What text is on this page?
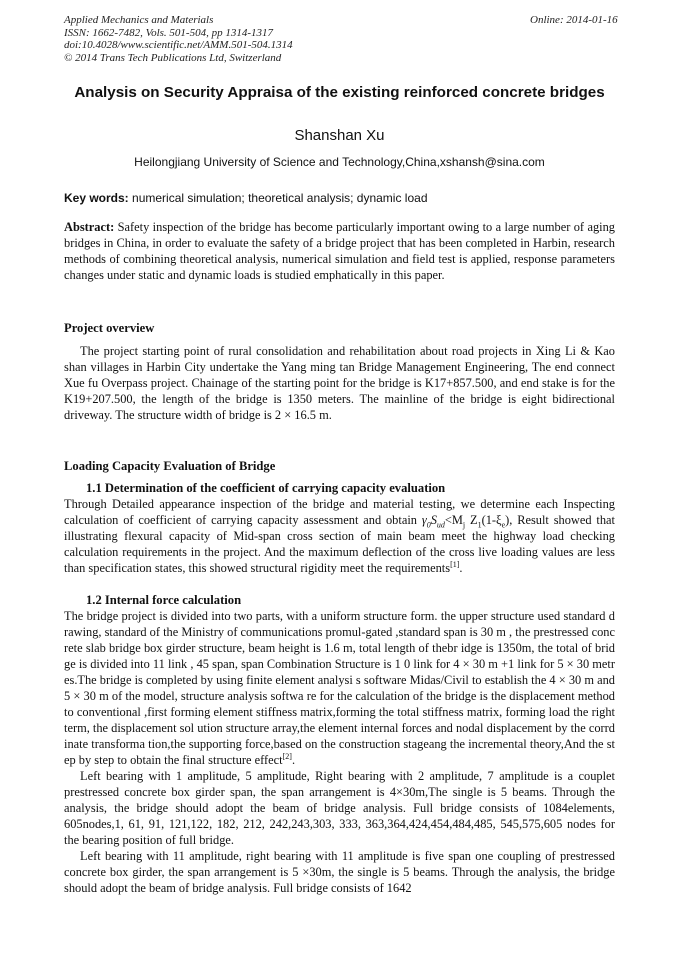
Applied Mechanics and Materials
ISSN: 1662-7482, Vols. 501-504, pp 1314-1317
doi:10.4028/www.scientific.net/AMM.501-504.1314
© 2014 Trans Tech Publications Ltd, Switzerland
Online: 2014-01-16
Analysis on Security Appraisa of the existing reinforced concrete bridges
Shanshan Xu
Heilongjiang University of Science and Technology,China,xshansh@sina.com
Key words: numerical simulation; theoretical analysis; dynamic load

Abstract: Safety inspection of the bridge has become particularly important owing to a large number of aging bridges in China, in order to evaluate the safety of a bridge project that has been completed in Harbin, research methods of combining theoretical analysis, numerical simulation and field test is applied, response parameters changes under static and dynamic loads is studied emphatically in this paper.

Project overview

The project starting point of rural consolidation and rehabilitation about road projects in Xing Li & Kao shan villages in Harbin City undertake the Yang ming tan Bridge Management Engineering, The end connect Xue fu Overpass project. Chainage of the starting point for the bridge is K17+857.500, and end stake is for the K19+207.500, the length of the bridge is 1350 meters. The mainline of the bridge is eight bidirectional driveway. The structure width of bridge is 2 × 16.5 m.

Loading Capacity Evaluation of Bridge
1.1 Determination of the coefficient of carrying capacity evaluation

Through Detailed appearance inspection of the bridge and material testing, we determine each Inspecting calculation of coefficient of carrying capacity assessment and obtain $\gamma_0S_{ud}<M_j$ $Z_1(1-\xi_e)$, Result showed that illustrating flexural capacity of Mid-span cross section of main beam meet the highway load checking calculation requirements in the project. And the maximum deflection of the cross live loading values are less than specification states, this showed structural rigidity meet the requirements[1].

1.2 Internal force calculation

The bridge project is divided into two parts, with a uniform structure form. the upper structure used standard drawing, standard of the Ministry of communications promul-gated ,standard span is 30 m , the prestressed concrete slab bridge box girder structure, beam height is 1.6 m, total length of thebr idge is 1350m, the total of bridge is divided into 11 link , 45 span, span Combination Structure is 1 0 link for 4 × 30 m +1 link for 5 × 30 metres.The bridge is completed by using finite element analysi s software Midas/Civil to establish the 4 × 30 m and 5 × 30 m of the model, structure analysis softwa re for the calculation of the bridge is the displacement method to conventional ,first forming element stiffness matrix,forming the total stiffness matrix, forming load the right term, the displacement sol ution structure array,the element internal forces and nodal displacement by the corrdinate transforma tion,the supporting force,based on the construction stageang the incremental theory,And the step by step to obtain the final structure effect[2].

Left bearing with 1 amplitude, 5 amplitude, Right bearing with 2 amplitude, 7 amplitude is a couplet prestressed concrete box girder span, the span arrangement is 4×30m,The single is 5 beams. Through the analysis, the bridge should adopt the beam of bridge analysis. Full bridge consists of 1084elements, 605nodes,1, 61, 91, 121,122, 182, 212, 242,243,303, 333, 363,364,424,454,484,485, 545,575,605 nodes for the bearing position of full bridge.

Left bearing with 11 amplitude, right bearing with 11 amplitude is five span one coupling of prestressed concrete box girder, the span arrangement is 5 ×30m, the single is 5 beams. Through the analysis, the bridge should adopt the beam of bridge analysis. Full bridge consists of 1642
